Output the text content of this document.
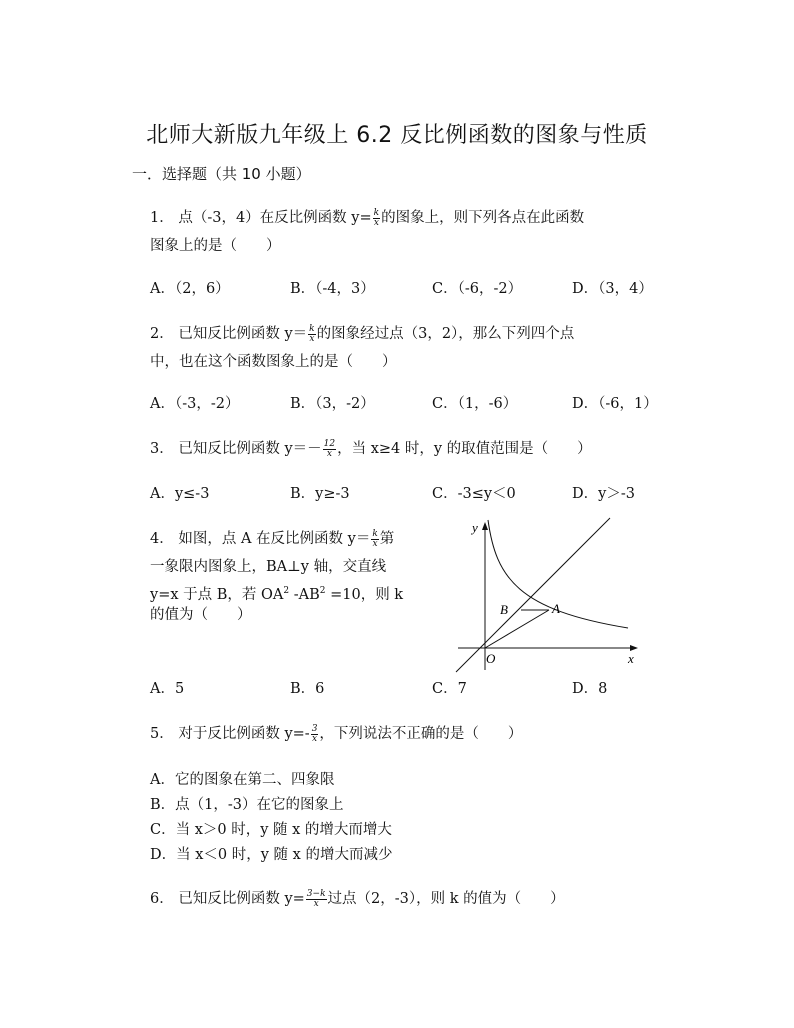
北师大新版九年级上 6.2 反比例函数的图象与性质
一．选择题（共 10 小题）
1． 点（-3，4）在反比例函数 $y= \frac{k}{x}$ 的图象上，则下列各点在此函数
图象上的是（　　）
A．（2，6）	B．（-4，3）	C．（-6，-2）	D．（3，4）
2． 已知反比例函数 $y= \frac{k}{x}$ 的图象经过点（3，2），那么下列四个点
中，也在这个函数图象上的是（　　）
A．（-3，-2）	B．（3，-2）	C．（1，-6）	D．（-6，1）
3． 已知反比例函数 $y=- \frac{12}{x}$ ，当 x≥4 时，y 的取值范围是（　　）
A．y≤-3	B．y≥-3	C．-3≤y＜0	D．y＞-3
4． 如图，点 A 在反比例函数 $y= \frac{k}{x}$ 第
一象限内图象上，BA⊥y 轴，交直线
y=x 于点 B，若 $OA^2$ $-AB^2 =10$，则 k
的值为（　　）
y
x
O
A
B
A．5	B．6	C．7	D．8
5． 对于反比例函数 $y=- \frac{3}{x}$ ，下列说法不正确的是（　　）
A．它的图象在第二、四象限
B．点（1，-3）在它的图象上
C．当 x＞0 时，y 随 x 的增大而增大
D．当 x＜0 时，y 随 x 的增大而减少
6． 已知反比例函数 $y= \frac{3-k}{x}$ 过点（2，-3），则 k 的值为（　　）
